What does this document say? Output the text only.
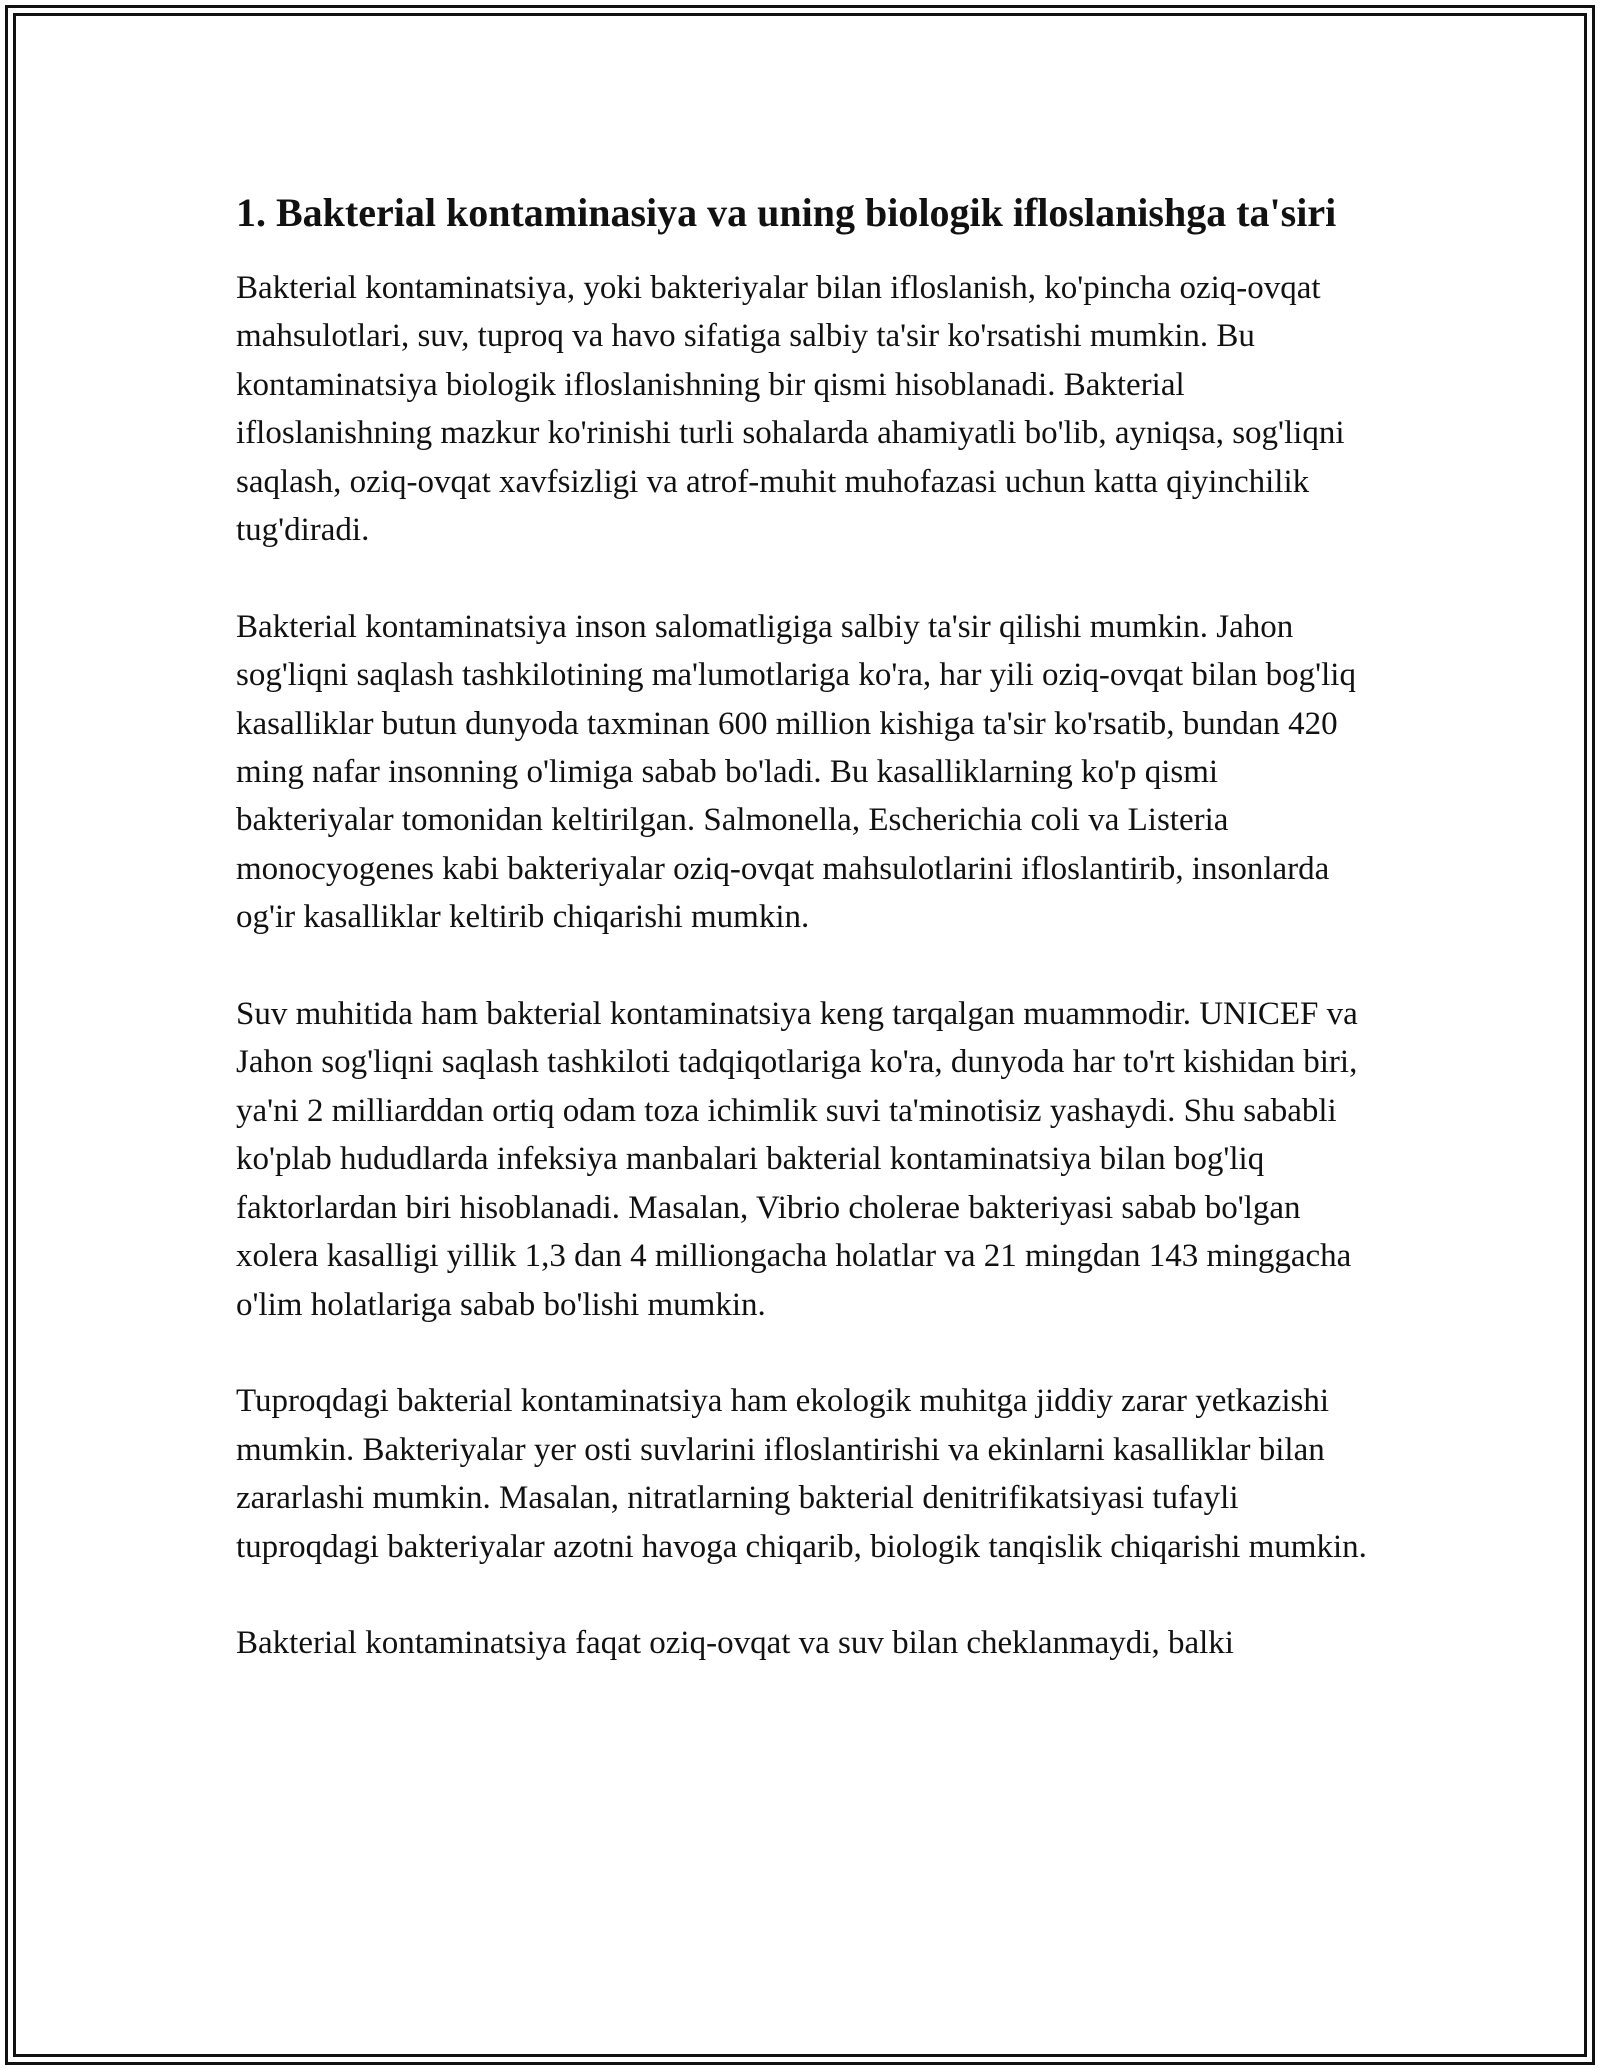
1. Bakterial kontaminasiya va uning biologik ifloslanishga ta'siri

Bakterial kontaminatsiya, yoki bakteriyalar bilan ifloslanish, ko'pincha oziq-ovqat mahsulotlari, suv, tuproq va havo sifatiga salbiy ta'sir ko'rsatishi mumkin. Bu kontaminatsiya biologik ifloslanishning bir qismi hisoblanadi. Bakterial ifloslanishning mazkur ko'rinishi turli sohalarda ahamiyatli bo'lib, ayniqsa, sog'liqni saqlash, oziq-ovqat xavfsizligi va atrof-muhit muhofazasi uchun katta qiyinchilik tug'diradi.

Bakterial kontaminatsiya inson salomatligiga salbiy ta'sir qilishi mumkin. Jahon sog'liqni saqlash tashkilotining ma'lumotlariga ko'ra, har yili oziq-ovqat bilan bog'liq kasalliklar butun dunyoda taxminan 600 million kishiga ta'sir ko'rsatib, bundan 420 ming nafar insonning o'limiga sabab bo'ladi. Bu kasalliklarning ko'p qismi bakteriyalar tomonidan keltirilgan. Salmonella, Escherichia coli va Listeria monocyogenes kabi bakteriyalar oziq-ovqat mahsulotlarini ifloslantirib, insonlarda og'ir kasalliklar keltirib chiqarishi mumkin.

Suv muhitida ham bakterial kontaminatsiya keng tarqalgan muammodir. UNICEF va Jahon sog'liqni saqlash tashkiloti tadqiqotlariga ko'ra, dunyoda har to'rt kishidan biri, ya'ni 2 milliarddan ortiq odam toza ichimlik suvi ta'minotisiz yashaydi. Shu sababli ko'plab hududlarda infeksiya manbalari bakterial kontaminatsiya bilan bog'liq faktorlardan biri hisoblanadi. Masalan, Vibrio cholerae bakteriyasi sabab bo'lgan xolera kasalligi yillik 1,3 dan 4 milliongacha holatlar va 21 mingdan 143 minggacha o'lim holatlariga sabab bo'lishi mumkin.

Tuproqdagi bakterial kontaminatsiya ham ekologik muhitga jiddiy zarar yetkazishi mumkin. Bakteriyalar yer osti suvlarini ifloslantirishi va ekinlarni kasalliklar bilan zararlashi mumkin. Masalan, nitratlarning bakterial denitrifikatsiyasi tufayli tuproqdagi bakteriyalar azotni havoga chiqarib, biologik tanqislik chiqarishi mumkin.

Bakterial kontaminatsiya faqat oziq-ovqat va suv bilan cheklanmaydi, balki
